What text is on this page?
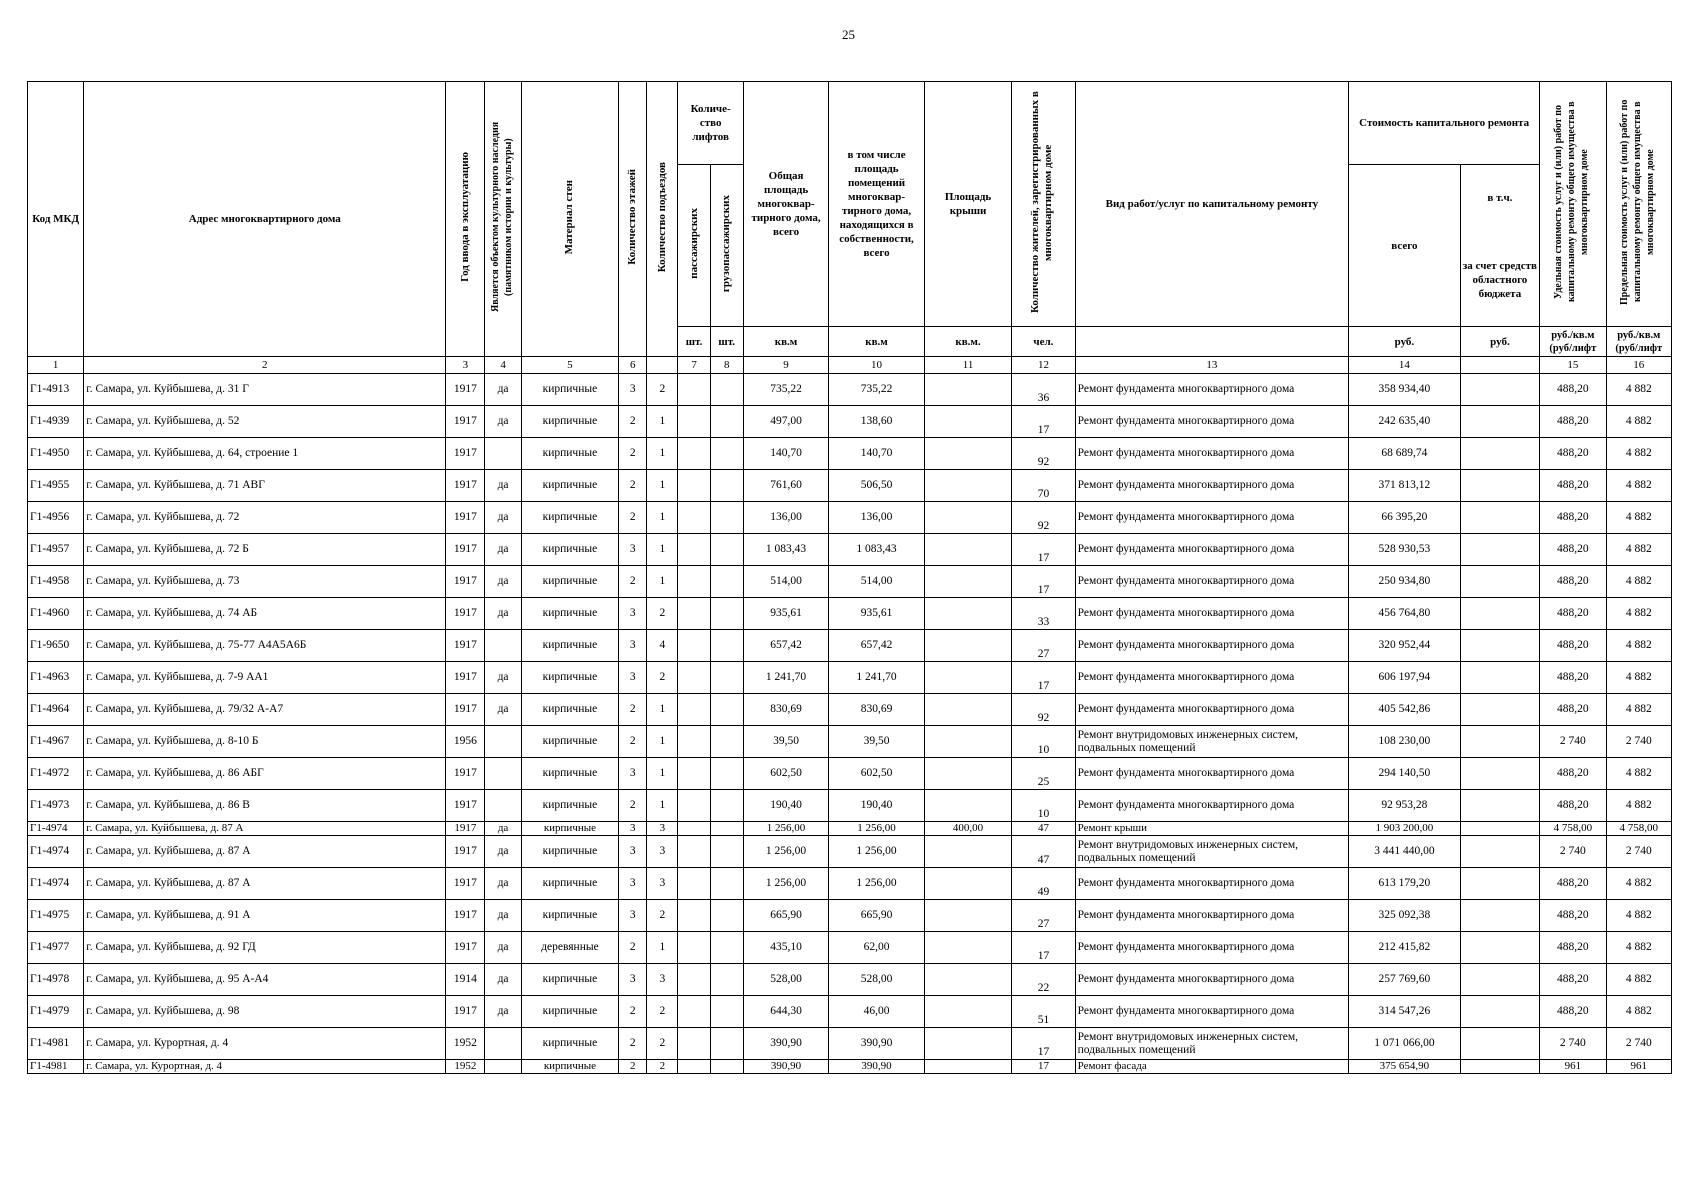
25
Код МКД	Адрес многоквартирного дома	Год ввода в эксплуатацию	Является объектом культурного наследия (памятником истории и культуры)	Материал стен	Количество этажей	Количество подъездов	Количе-ство лифтов		Общая площадь многоквар-тирного дома, всего	в том числе площадь помещений многоквар-тирного дома, находящихся в собственности, всего	Площадь крыши	Количество жителей, зарегистрированных в многоквартирном доме	Вид работ/услуг по капитальному ремонту	Стоимость капитального ремонта		Удельная стоимость услуг и (или) работ по капитальному ремонту общего имущества в многоквартирном доме	Предельная стоимость услуг и (или) работ по капитальному ремонту общего имущества в многоквартирном доме
							пассажирских	грузопассажирских						всего	в т.ч.
за счет средств областного бюджета		

							шт.	шт.	кв.м	кв.м	кв.м.	чел.		руб.	руб.	руб./кв.м (руб/лифт	руб./кв.м (руб/лифт
1	2	3	4	5	6		7	8	9	10	11	12	13	14		15	16
Г1-4913	г. Самара, ул. Куйбышева, д. 31 Г	1917	да	кирпичные	3	2			735,22	735,22		36	Ремонт фундамента многоквартирного дома	358 934,40		488,20	4 882
Г1-4939	г. Самара, ул. Куйбышева, д. 52	1917	да	кирпичные	2	1			497,00	138,60		17	Ремонт фундамента многоквартирного дома	242 635,40		488,20	4 882
Г1-4950	г. Самара, ул. Куйбышева, д. 64, строение 1	1917		кирпичные	2	1			140,70	140,70		92	Ремонт фундамента многоквартирного дома	68 689,74		488,20	4 882
Г1-4955	г. Самара, ул. Куйбышева, д. 71 АВГ	1917	да	кирпичные	2	1			761,60	506,50		70	Ремонт фундамента многоквартирного дома	371 813,12		488,20	4 882
Г1-4956	г. Самара, ул. Куйбышева, д. 72	1917	да	кирпичные	2	1			136,00	136,00		92	Ремонт фундамента многоквартирного дома	66 395,20		488,20	4 882
Г1-4957	г. Самара, ул. Куйбышева, д. 72 Б	1917	да	кирпичные	3	1			1 083,43	1 083,43		17	Ремонт фундамента многоквартирного дома	528 930,53		488,20	4 882
Г1-4958	г. Самара, ул. Куйбышева, д. 73	1917	да	кирпичные	2	1			514,00	514,00		17	Ремонт фундамента многоквартирного дома	250 934,80		488,20	4 882
Г1-4960	г. Самара, ул. Куйбышева, д. 74 АБ	1917	да	кирпичные	3	2			935,61	935,61		33	Ремонт фундамента многоквартирного дома	456 764,80		488,20	4 882
Г1-9650	г. Самара, ул. Куйбышева, д. 75-77 А4А5А6Б	1917		кирпичные	3	4			657,42	657,42		27	Ремонт фундамента многоквартирного дома	320 952,44		488,20	4 882
Г1-4963	г. Самара, ул. Куйбышева, д. 7-9 АА1	1917	да	кирпичные	3	2			1 241,70	1 241,70		17	Ремонт фундамента многоквартирного дома	606 197,94		488,20	4 882
Г1-4964	г. Самара, ул. Куйбышева, д. 79/32 А-А7	1917	да	кирпичные	2	1			830,69	830,69		92	Ремонт фундамента многоквартирного дома	405 542,86		488,20	4 882
Г1-4967	г. Самара, ул. Куйбышева, д. 8-10 Б	1956		кирпичные	2	1			39,50	39,50		10	Ремонт внутридомовых инженерных систем, подвальных помещений	108 230,00		2 740	2 740
Г1-4972	г. Самара, ул. Куйбышева, д. 86 АБГ	1917		кирпичные	3	1			602,50	602,50		25	Ремонт фундамента многоквартирного дома	294 140,50		488,20	4 882
Г1-4973	г. Самара, ул. Куйбышева, д. 86 В	1917		кирпичные	2	1			190,40	190,40		10	Ремонт фундамента многоквартирного дома	92 953,28		488,20	4 882
Г1-4974	г. Самара, ул. Куйбышева, д. 87 А	1917	да	кирпичные	3	3			1 256,00	1 256,00	400,00	47	Ремонт крыши	1 903 200,00		4 758,00	4 758,00
Г1-4974	г. Самара, ул. Куйбышева, д. 87 А	1917	да	кирпичные	3	3			1 256,00	1 256,00		47	Ремонт внутридомовых инженерных систем, подвальных помещений	3 441 440,00		2 740	2 740
Г1-4974	г. Самара, ул. Куйбышева, д. 87 А	1917	да	кирпичные	3	3			1 256,00	1 256,00		49	Ремонт фундамента многоквартирного дома	613 179,20		488,20	4 882
Г1-4975	г. Самара, ул. Куйбышева, д. 91 А	1917	да	кирпичные	3	2			665,90	665,90		27	Ремонт фундамента многоквартирного дома	325 092,38		488,20	4 882
Г1-4977	г. Самара, ул. Куйбышева, д. 92 ГД	1917	да	деревянные	2	1			435,10	62,00		17	Ремонт фундамента многоквартирного дома	212 415,82		488,20	4 882
Г1-4978	г. Самара, ул. Куйбышева, д. 95 А-А4	1914	да	кирпичные	3	3			528,00	528,00		22	Ремонт фундамента многоквартирного дома	257 769,60		488,20	4 882
Г1-4979	г. Самара, ул. Куйбышева, д. 98	1917	да	кирпичные	2	2			644,30	46,00		51	Ремонт фундамента многоквартирного дома	314 547,26		488,20	4 882
Г1-4981	г. Самара, ул. Курортная, д. 4	1952		кирпичные	2	2			390,90	390,90		17	Ремонт внутридомовых инженерных систем, подвальных помещений	1 071 066,00		2 740	2 740
Г1-4981	г. Самара, ул. Курортная, д. 4	1952		кирпичные	2	2			390,90	390,90		17	Ремонт фасада	375 654,90		961	961
